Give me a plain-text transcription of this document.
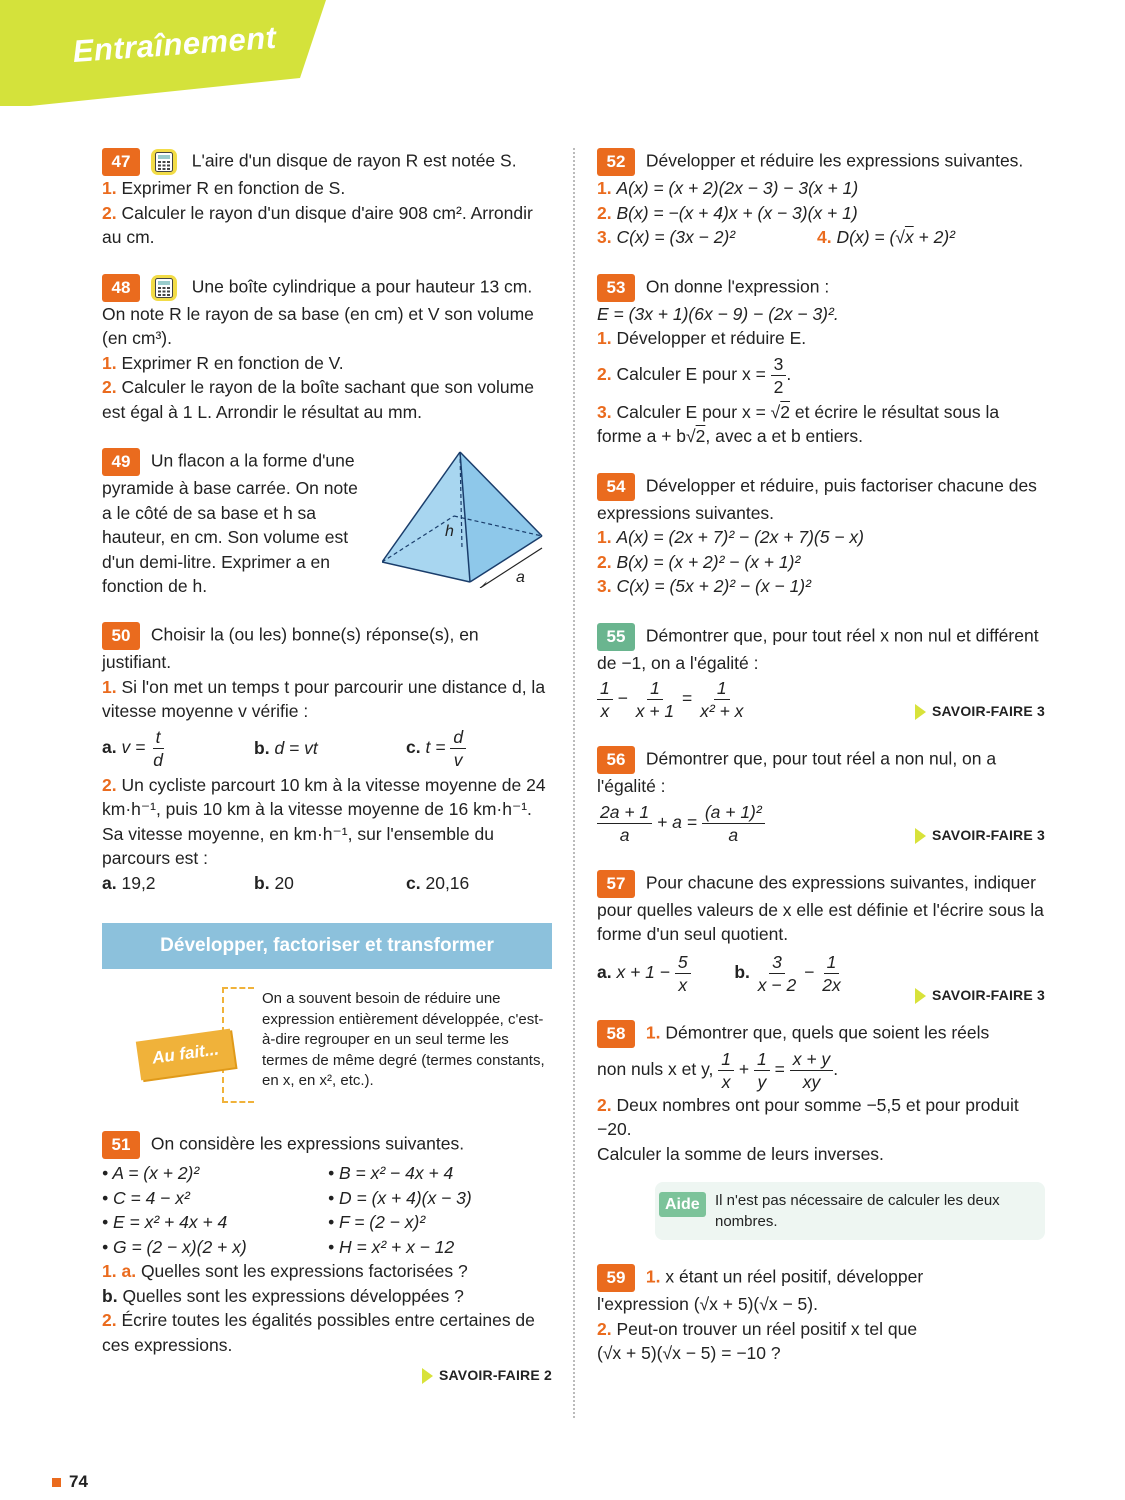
Entraînement
47	L'aire d'un disque de rayon R est notée S.
1. Exprimer R en fonction de S.
2. Calculer le rayon d'un disque d'aire 908 cm². Arrondir au cm.
48	Une boîte cylindrique a pour hauteur 13 cm. On note R le rayon de sa base (en cm) et V son volume (en cm³).
1. Exprimer R en fonction de V.
2. Calculer le rayon de la boîte sachant que son volume est égal à 1 L. Arrondir le résultat au mm.
49 Un flacon a la forme d'une pyramide à base carrée. On note a le côté de sa base et h sa hauteur, en cm. Son volume est d'un demi-litre. Exprimer a en fonction de h.
h
a
50 Choisir la (ou les) bonne(s) réponse(s), en justifiant.
1. Si l'on met un temps t pour parcourir une distance d, la vitesse moyenne v vérifie :
a. $v = \frac{t}{d}$	b. d = vt	c. $t = \frac{d}{v}$
2. Un cycliste parcourt 10 km à la vitesse moyenne de 24 km·h⁻¹, puis 10 km à la vitesse moyenne de 16 km·h⁻¹. Sa vitesse moyenne, en km·h⁻¹, sur l'ensemble du parcours est :
a. 19,2	b. 20	c. 20,16
Développer, factoriser et transformer
Au fait...
On a souvent besoin de réduire une expression entièrement développée, c'est-à-dire regrouper en un seul terme les termes de même degré (termes constants, en x, en x², etc.).
51 On considère les expressions suivantes.
• A = (x + 2)²	• B = x² − 4x + 4
• C = 4 − x²	• D = (x + 4)(x − 3)
• E = x² + 4x + 4	• F = (2 − x)²
• G = (2 − x)(2 + x)	• H = x² + x − 12
1. a. Quelles sont les expressions factorisées ?
b. Quelles sont les expressions développées ?
2. Écrire toutes les égalités possibles entre certaines de ces expressions.
SAVOIR-FAIRE 2
52 Développer et réduire les expressions suivantes.
1. A(x) = (x + 2)(2x − 3) − 3(x + 1)
2. B(x) = −(x + 4)x + (x − 3)(x + 1)
3. C(x) = (3x − 2)²	4. D(x) = (√x + 2)²
53 On donne l'expression :
E = (3x + 1)(6x − 9) − (2x − 3)².
1. Développer et réduire E.
2. Calculer E pour $x = \frac{3}{2}$ .
3. Calculer E pour x = √2 et écrire le résultat sous la forme a + b√2, avec a et b entiers.
54 Développer et réduire, puis factoriser chacune des expressions suivantes.
1. A(x) = (2x + 7)² − (2x + 7)(5 − x)
2. B(x) = (x + 2)² − (x + 1)²
3. C(x) = (5x + 2)² − (x − 1)²
55 Démontrer que, pour tout réel x non nul et différent de −1, on a l'égalité :
$\frac{1}{x} - \frac{1}{x + 1} = \frac{1}{\text{x² + x}}$	SAVOIR-FAIRE 3
56 Démontrer que, pour tout réel a non nul, on a l'égalité :
$\frac{2a + 1}{a} + a = \frac{\text{(a + 1)²}}{a}$	SAVOIR-FAIRE 3
57 Pour chacune des expressions suivantes, indiquer pour quelles valeurs de x elle est définie et l'écrire sous la forme d'un seul quotient.
a. $x + 1 - \frac{5}{x}$	b. $\frac{3}{x - 2} - \frac{1}{2x}$	SAVOIR-FAIRE 3
58 1. Démontrer que, quels que soient les réels
non nuls x et y, $\frac{1}{x} + \frac{1}{y} = \frac{x + y}{xy}$ .
2. Deux nombres ont pour somme −5,5 et pour produit −20.
Calculer la somme de leurs inverses.
Aide	Il n'est pas nécessaire de calculer les deux nombres.
59 1. x étant un réel positif, développer
l'expression (√x + 5)(√x − 5).
2. Peut-on trouver un réel positif x tel que
(√x + 5)(√x − 5) = −10 ?
74
